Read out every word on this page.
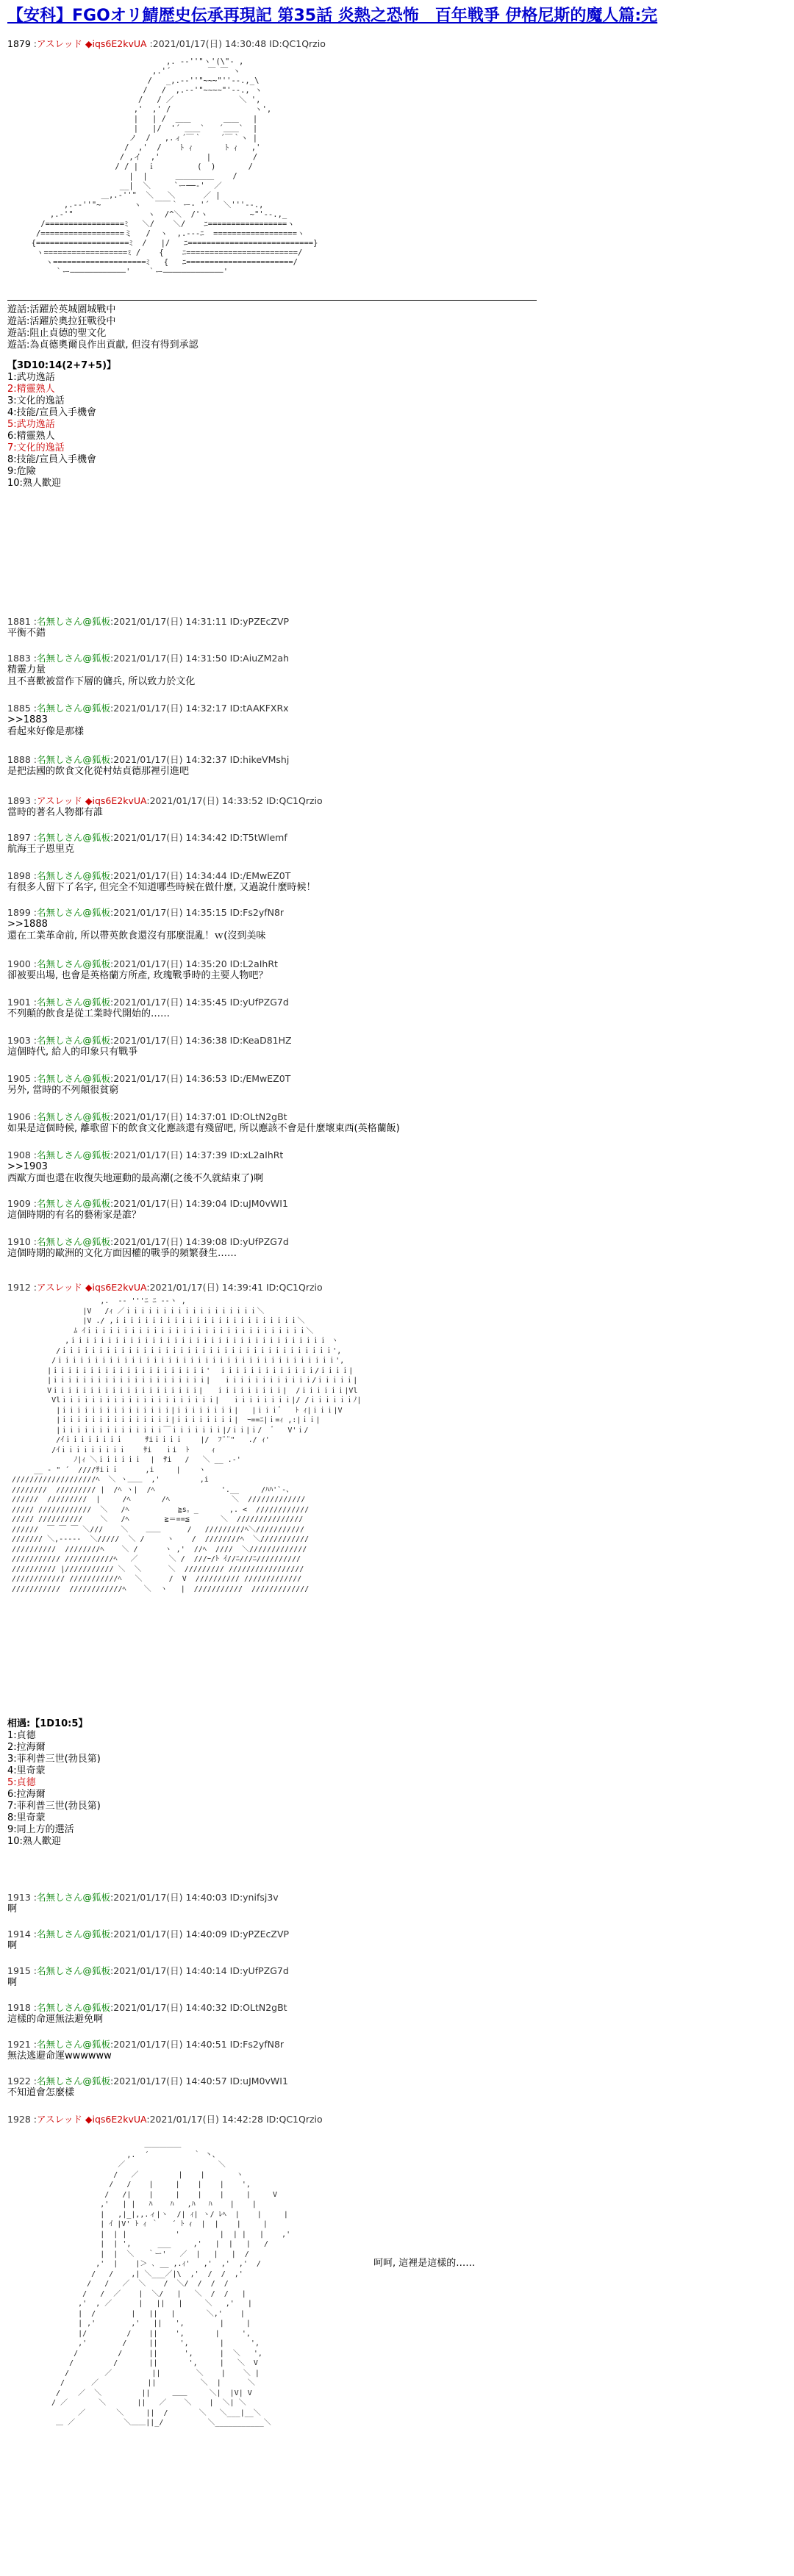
【安科】FGOオリ鯖歴史伝承再現記 第35話 炎熱之恐怖　百年戦爭 伊格尼斯的魔人篇:完
1879 :アスレッド ◆iqs6E2kvUA :2021/01/17(日) 14:30:48 ID:QC1Qrzio
,. -‐''"ヽ'(\"‐ ,
,.'´        ￣ ￣ ヽ
/   _,.-‐''"~~~"''‐-.,_\
/   /  ,.-‐'"~~~~"'‐-., ヽ
/   / ／              ＼ ',
,'  ,' /                  ヽ',
|   | /  ＿＿       ＿＿   |
|   |/  '´ ＿＿`   ´＿＿`  |
ノ  /   ,.ィ´￣｀    ´￣｀ヽ |
/  ,'  /    ﾄ ｨ       ﾄ ｨ   ,'
/ ,イ  ,'          |         /
/ / |  ｉ         (  )       /
|  |      ＿＿＿＿＿    /
__|  ＼     `ー──‐'  ／
＿,.-''"  ＼   ＼      ／ |
,.-‐''"~       ヽ   ￣￣｀ ー‐ '´   ＼'''‐-.,
,.-'"                ヽ  /^＼  /'ヽ         ~"'‐-.,_
/=================ﾐ   ＼/    ＼/    ﾆ=================ヽ
/==================ミ   /  ヽ  ,.--‐ﾆ  ==================ヽ
{====================ﾐ  /   |/   ﾆ===========================}
ヽ==================ﾐ /    {    ﾆ========================/
ヽ====================ﾐ   {   ﾆ=======================/
｀ー――――――――――――' 　 ｀ー―――――――――――――'
遊話:活躍於英城圍城戰中
遊話:活躍於奧拉狂戰役中
遊話:阻止貞德的聖文化
遊話:為貞德奧爾良作出貢獻, 但沒有得到承認
【3D10:14(2+7+5)】
1:武功逸話
2:精靈熟人
3:文化的逸話
4:技能/宣員入手機會
5:武功逸話
6:精靈熟人
7:文化的逸話
8:技能/宣員入手機會
9:危險
10:熟人歡迎
1881 :名無しさん@狐板:2021/01/17(日) 14:31:11 ID:yPZEcZVP
平衡不錯
1883 :名無しさん@狐板:2021/01/17(日) 14:31:50 ID:AiuZM2ah
精靈力量
且不喜歡被當作下層的傭兵, 所以致力於文化
1885 :名無しさん@狐板:2021/01/17(日) 14:32:17 ID:tAAKFXRx
>>1883
看起來好像是那樣
1888 :名無しさん@狐板:2021/01/17(日) 14:32:37 ID:hikeVMshj
是把法國的飲食文化從村姑貞德那裡引進吧
1893 :アスレッド ◆iqs6E2kvUA:2021/01/17(日) 14:33:52 ID:QC1Qrzio
當時的著名人物都有誰
1897 :名無しさん@狐板:2021/01/17(日) 14:34:42 ID:T5tWlemf
航海王子恩里克
1898 :名無しさん@狐板:2021/01/17(日) 14:34:44 ID:/EMwEZ0T
有很多人留下了名字, 但完全不知道哪些時候在做什麼, 又過說什麼時候！
1899 :名無しさん@狐板:2021/01/17(日) 14:35:15 ID:Fs2yfN8r
>>1888
還在工業革命前, 所以帶英飲食還沒有那麼混亂！ｗ(沒到美味
1900 :名無しさん@狐板:2021/01/17(日) 14:35:20 ID:L2aIhRt
卻被要出場, 也會是英格蘭方所產, 玫瑰戰爭時的主要人物吧？
1901 :名無しさん@狐板:2021/01/17(日) 14:35:45 ID:yUfPZG7d
不列顛的飲食是從工業時代開始的……
1903 :名無しさん@狐板:2021/01/17(日) 14:36:38 ID:KeaD81HZ
這個時代, 給人的印象只有戰爭
1905 :名無しさん@狐板:2021/01/17(日) 14:36:53 ID:/EMwEZ0T
另外, 當時的不列顛很貧窮
1906 :名無しさん@狐板:2021/01/17(日) 14:37:01 ID:OLtN2gBt
如果是這個時候, 離歌留下的飲食文化應該還有殘留吧, 所以應該不會是什麼壞東西(英格蘭飯)
1908 :名無しさん@狐板:2021/01/17(日) 14:37:39 ID:xL2aIhRt
>>1903
西歐方面也還在收復失地運動的最高潮(之後不久就結束了)啊
1909 :名無しさん@狐板:2021/01/17(日) 14:39:04 ID:uJM0vWI1
這個時期的有名的藝術家是誰？
1910 :名無しさん@狐板:2021/01/17(日) 14:39:08 ID:yUfPZG7d
這個時期的歐洲的文化方面因權的戰爭的頻繁發生……
1912 :アスレッド ◆iqs6E2kvUA:2021/01/17(日) 14:39:41 ID:QC1Qrzio
,.  -‐ '''ﾆ ﾆ ‐-ヽ ,
|V   /ｨ ／ｉｉｉｉｉｉｉｉｉｉｉｉｉｉｉｉｉｉ＼
|V ./ ,ｉｉｉｉｉｉｉｉｉｉｉｉｉｉｉｉｉｉｉｉｉｉｉｉｉ＼
ﾑ ｲｉｉｉｉｉｉｉｉｉｉｉｉｉｉｉｉｉｉｉｉｉｉｉｉｉｉｉｉｉｉ＼
,ｉｉｉｉｉｉｉｉｉｉｉｉｉｉｉｉｉｉｉｉｉｉｉｉｉｉｉｉｉｉｉｉｉｉｉ ヽ
/ｉｉｉｉｉｉｉｉｉｉｉｉｉｉｉｉｉｉｉｉｉｉｉｉｉｉｉｉｉｉｉｉｉｉｉｉｉ',
/ｉｉｉｉｉｉｉｉｉｉｉｉｉｉｉｉｉｉｉｉｉｉｉｉｉｉｉｉｉｉｉｉｉｉｉｉｉｉ',
|ｉｉｉｉｉｉｉｉｉｉｉｉｉｉｉｉｉｉｉｉｉ'  ｉｉｉｉｉｉｉｉｉｉｉｉｉ/ｉｉｉｉ|
|ｉｉｉｉｉｉｉｉｉｉｉｉｉｉｉｉｉｉｉｉｉ|   ｉｉｉｉｉｉｉｉｉｉｉｉ/ｉｉｉｉｉ|
Vｉｉｉｉｉｉｉｉｉｉｉｉｉｉｉｉｉｉｉｉ|   ｉｉｉｉｉｉｉｉｉ|  /ｉｉｉｉｉｉ|Vl
Vlｉｉｉｉｉｉｉｉｉｉｉｉｉｉｉｉｉｉｉｉｉ|   ｉｉｉｉｉｉｉｉ|/ /ｉｉｉｉｉｉﾉ|
|ｉｉｉｉｉｉｉｉｉｉｉｉｉｉｉ|ｉｉｉｉｉｉｉｉ|   |ｉｉｉﾞ   ﾄ ｨ|ｉｉｉ|V
|ｉｉｉｉｉｉｉｉｉｉｉｉｉｉｉ|ｉｉｉｉｉｉｉｉ|  ｰ==ﾆ|ｉ=ｨ ,:|ｉｉ|
|ｉｉｉｉｉｉｉｉｉｉｉｉｉｉ￣ｉｉｉｉｉｉｉ|/ｉｉ|ｉ/  ﾞ   V'ｉ/
/ｲｉｉｉｉｉｉｉｉ     ｻiｉｉｉｉ    |/  ﾌ¨¨"   ./ ｨ'
/ｲｉｉｉｉｉｉｉｉｉ    ｻi   ｉi  ﾄ     ｨ
ﾉ|ｨ ＼ｉｉｉｉｉｉ  |  ｻi   /   ＼ __ .-'
__ - " ´  ////ｻiｉｉ      ,i     |    ヽ
///////////////////ﾍ  ＼ ヽ＿＿  ,'         ,i
////////  ///////// |  /ﾍ ヽ|  /ﾍ               '.__     /ﾊﾊ'`‐、
//////  /////////  |     /ﾍ       /ﾍ              ＼  /////////////
///// ////////////  ＼   /ﾍ           ≧s。_       ,. <  ////////////
///// //////////    ＼   /ﾍ        ≧＝==≦       ＼  ///////////////
//////  ￣ ￣ ￣ ＼///    ＼    ＿＿      /   /////////ﾍ＼///////////
/////// ＼,-----  ＼/////  ＼ /     ヽ    /  ////////ﾍ  ＼///////////
//////////  ////////ﾍ    ＼ /      ヽ ,'  //ﾍ  ////  ＼/////////////
/////////// ///////////ﾍ   ／       ＼ /  ///ｰ/ﾄ ｲ//ﾆ///ﾆ//////////
////////// |/////////// ＼  ＼      ＼  ///////// /////////////////
//////////// ///////////ﾍ   ＼      /  V  ////////// /////////////
///////////  ////////////ﾍ    ＼  ヽ   |  ///////////  /////////////
相遇:【1D10:5】
1:貞德
2:拉海爾
3:菲利普三世(勃艮第)
4:里奇蒙
5:貞德
6:拉海爾
7:菲利普三世(勃艮第)
8:里奇蒙
9:同上方的選活
10:熟人歡迎
1913 :名無しさん@狐板:2021/01/17(日) 14:40:03 ID:ynifsj3v
啊
1914 :名無しさん@狐板:2021/01/17(日) 14:40:09 ID:yPZEcZVP
啊
1915 :名無しさん@狐板:2021/01/17(日) 14:40:14 ID:yUfPZG7d
啊
1918 :名無しさん@狐板:2021/01/17(日) 14:40:32 ID:OLtN2gBt
這樣的命運無法避免啊
1921 :名無しさん@狐板:2021/01/17(日) 14:40:51 ID:Fs2yfN8r
無法逃避命運wwwwww
1922 :名無しさん@狐板:2021/01/17(日) 14:40:57 ID:uJM0vWI1
不知道會怎麼樣
1928 :アスレッド ◆iqs6E2kvUA:2021/01/17(日) 14:42:28 ID:QC1Qrzio
＿＿＿＿＿
,.  ´          ｀ 丶、
／                     ＼
/   ／         |    |       ヽ
/   /    |     |    |    |    ',
/   /|    |     |    |    |     |     V
,'   | |   ﾊ    ﾊ   ,ﾊ   ﾊ    |    |
|   ,|_|,,.ィ|ヽ  /| ｨ| ヽ/ ﾚﾍ  |    |     |
| ｲ |V' ﾄ ｨ ｀   ´ ﾄ ｨ  |  |    |     |
|  | |           '         |  | |   |    ,'
|  | ',      ___     ,'   |  |   |   /
|  |  ＼   ｀ー'   ／  |   |   |  /
,'  |    |＞ ､ __ ,.ｨ'   ,'  ,'  ,'  /
/   /    ,| ＼___／|\  ,'  /  /  ,'
/   /   ／  ＼    /  ＼/  /  /  /
/   /  ／    |  ＼/   |   ＼  /  /   |
,'  , ／      |   ||   |     ＼   ,'   |
|  /        |   ||   |       ＼,'    |
| ,'        ,'   ||   ',        |     |
|/         /    ||    ',       |     ',
,'        /     ||     ',       |      ',
/         /      ||      ',      |  ＼   ',
/         /       ||       ',     |   ＼  V
/        ／         ||        ＼    |    ＼ |
/      ／           ||          ＼  |      ＼
/    ／  ＼         ||     ＿＿     ＼|  |V| V
/ ／       ＼       ||   ／    ＼    |  ＼| ＼
／       ＼     ||  /       ＼   ＼___|__＼
＿ ／           ＼＿＿||_/          ＼___________＼
呵呵, 這裡是這樣的……
